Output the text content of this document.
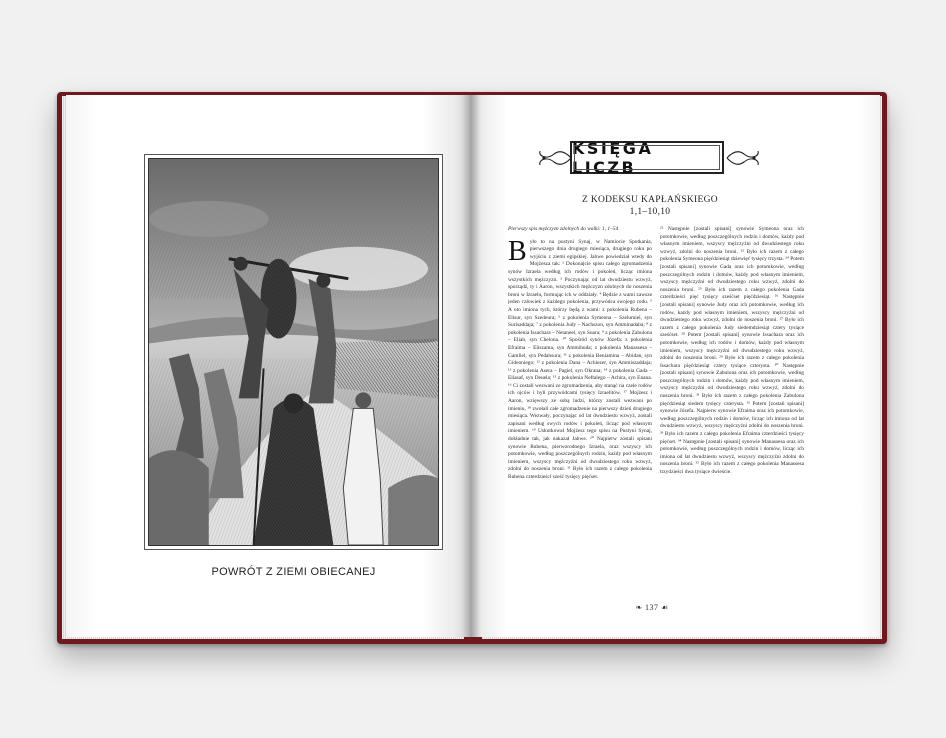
POWRÓT Z ZIEMI OBIECANEJ
KSIĘGA LICZB
Z KODEKSU KAPŁAŃSKIEGO
1,1–10,10
Pierwszy spis mężczyzn zdolnych do walki: 1, 1–54
B yło to na pustyni Synaj, w Namiocie Spotkania, pierwszego dnia drugiego miesiąca, drugiego roku po wyjściu z ziemi egipskiej. Jahwe powiedział wtedy do Mojżesza tak: ² Dokonajcie spisu całego zgromadzenia synów Izraela według ich rodów i pokoleń, licząc imiona wszystkich mężczyzn. ³ Poczynając od lat dwudziestu wzwyż, sporządź, ty i Aaron, wszystkich mężczyzn zdolnych do noszenia broni w Izraelu, formując ich w oddziały. ⁴ Będzie z wami zawsze jeden człowiek z każdego pokolenia, przywódca swojego rodu. ⁵ A oto imiona tych, którzy będą z wami: z pokolenia Rubena – Elisur, syn Szedeura; ⁶ z pokolenia Symeona – Szelumiel, syn Surisaddaja; ⁷ z pokolenia Judy – Nachszon, syn Amminadaba; ⁸ z pokolenia Issachara – Netaneel, syn Suara; ⁹ z pokolenia Zabulona – Eliab, syn Chelona. ¹⁰ Spośród synów Józefa: z pokolenia Efraima – Eliszama, syn Ammihuda; z pokolenia Manassesa – Gamliel, syn Pedahsura; ¹¹ z pokolenia Beniamina – Abidan, syn Gideoniego; ¹² z pokolenia Dana – Achiezer, syn Ammiszaddaja; ¹³ z pokolenia Asera – Pagiel, syn Okrana; ¹⁴ z pokolenia Gada – Eliasaf, syn Deuela; ¹⁵ z pokolenia Neftalego – Achira, syn Enana. ¹⁶ Ci zostali wezwani ze zgromadzenia, aby stanąć na czele rodów ich ojców i byli przywódcami tysięcy Izraelitów. ¹⁷ Mojżesz i Aaron, wzięwszy ze sobą ludzi, którzy zostali wezwani po imieniu, ¹⁸ zwołali całe zgromadzenie na pierwszy dzień drugiego miesiąca. Wezwały, poczynając od lat dwudziestu wzwyż, zostali zapisani według swych rodów i pokoleń, licząc pod własnym imieniem. ¹⁹ Uskutkował Mojżesz tego spisu na Pustyni Synaj, dokładnie tak, jak nakazał Jahwe. ²⁰ Najpierw zostali spisani synowie Rubena, pierworodnego Izraela, oraz wszyscy ich potomkowie, według poszczególnych rodzin, każdy pod własnym imieniem, wszyscy mężczyźni od dwudziestego roku wzwyż, zdolni do noszenia broni. ²¹ Było ich razem z całego pokolenia Rubena czterdzieści sześć tysięcy pięćset.
²² Następnie [zostali spisani] synowie Symeona oraz ich potomkowie, według poszczególnych rodzin i domów, każdy pod własnym imieniem, wszyscy mężczyźni od dwudziestego roku wzwyż, zdolni do noszenia broni. ²³ Było ich razem z całego pokolenia Symeona pięćdziesiąt dziewięć tysięcy trzysta. ²⁴ Potem [zostali spisani] synowie Gada oraz ich potomkowie, według poszczególnych rodzin i domów, każdy pod własnym imieniem, wszyscy mężczyźni od dwudziestego roku wzwyż, zdolni do noszenia broni. ²⁵ Było ich razem z całego pokolenia Gada czterdzieści pięć tysięcy sześćset pięćdziesiąt. ²⁶ Następnie [zostali spisani] synowie Judy oraz ich potomkowie, według ich rodów, każdy pod własnym imieniem, wszyscy mężczyźni od dwudziestego roku wzwyż, zdolni do noszenia broni. ²⁷ Było ich razem z całego pokolenia Judy siedemdziesiąt cztery tysiące sześćset. ²⁸ Potem [zostali spisani] synowie Issachara oraz ich potomkowie, według ich rodów i domów, każdy pod własnym imieniem, wszyscy mężczyźni od dwudziestego roku wzwyż, zdolni do noszenia broni. ²⁹ Było ich razem z całego pokolenia Issachara pięćdziesiąt cztery tysiące czterysta. ³⁰ Następnie [zostali spisani] synowie Zabulona oraz ich potomkowie, według poszczególnych rodzin i domów, każdy pod własnym imieniem, wszyscy mężczyźni od dwudziestego roku wzwyż, zdolni do noszenia broni. ³¹ Było ich razem z całego pokolenia Zabulona pięćdziesiąt siedem tysięcy czterysta. ³² Potem [zostali spisani] synowie Józefa. Najpierw synowie Efraima oraz ich potomkowie, według poszczególnych rodzin i domów, licząc ich imiona od lat dwudziestu wzwyż, wszyscy mężczyźni zdolni do noszenia broni. ³³ Było ich razem z całego pokolenia Efraima czterdzieści tysięcy pięćset. ³⁴ Następnie [zostali spisani] synowie Manassesa oraz ich potomkowie, według poszczególnych rodzin i domów, licząc ich imiona od lat dwudziestu wzwyż, wszyscy mężczyźni zdolni do noszenia broni. ³⁵ Było ich razem z całego pokolenia Manassesa trzydzieści dwa tysiące dwieście.
❧ 137 ☙
